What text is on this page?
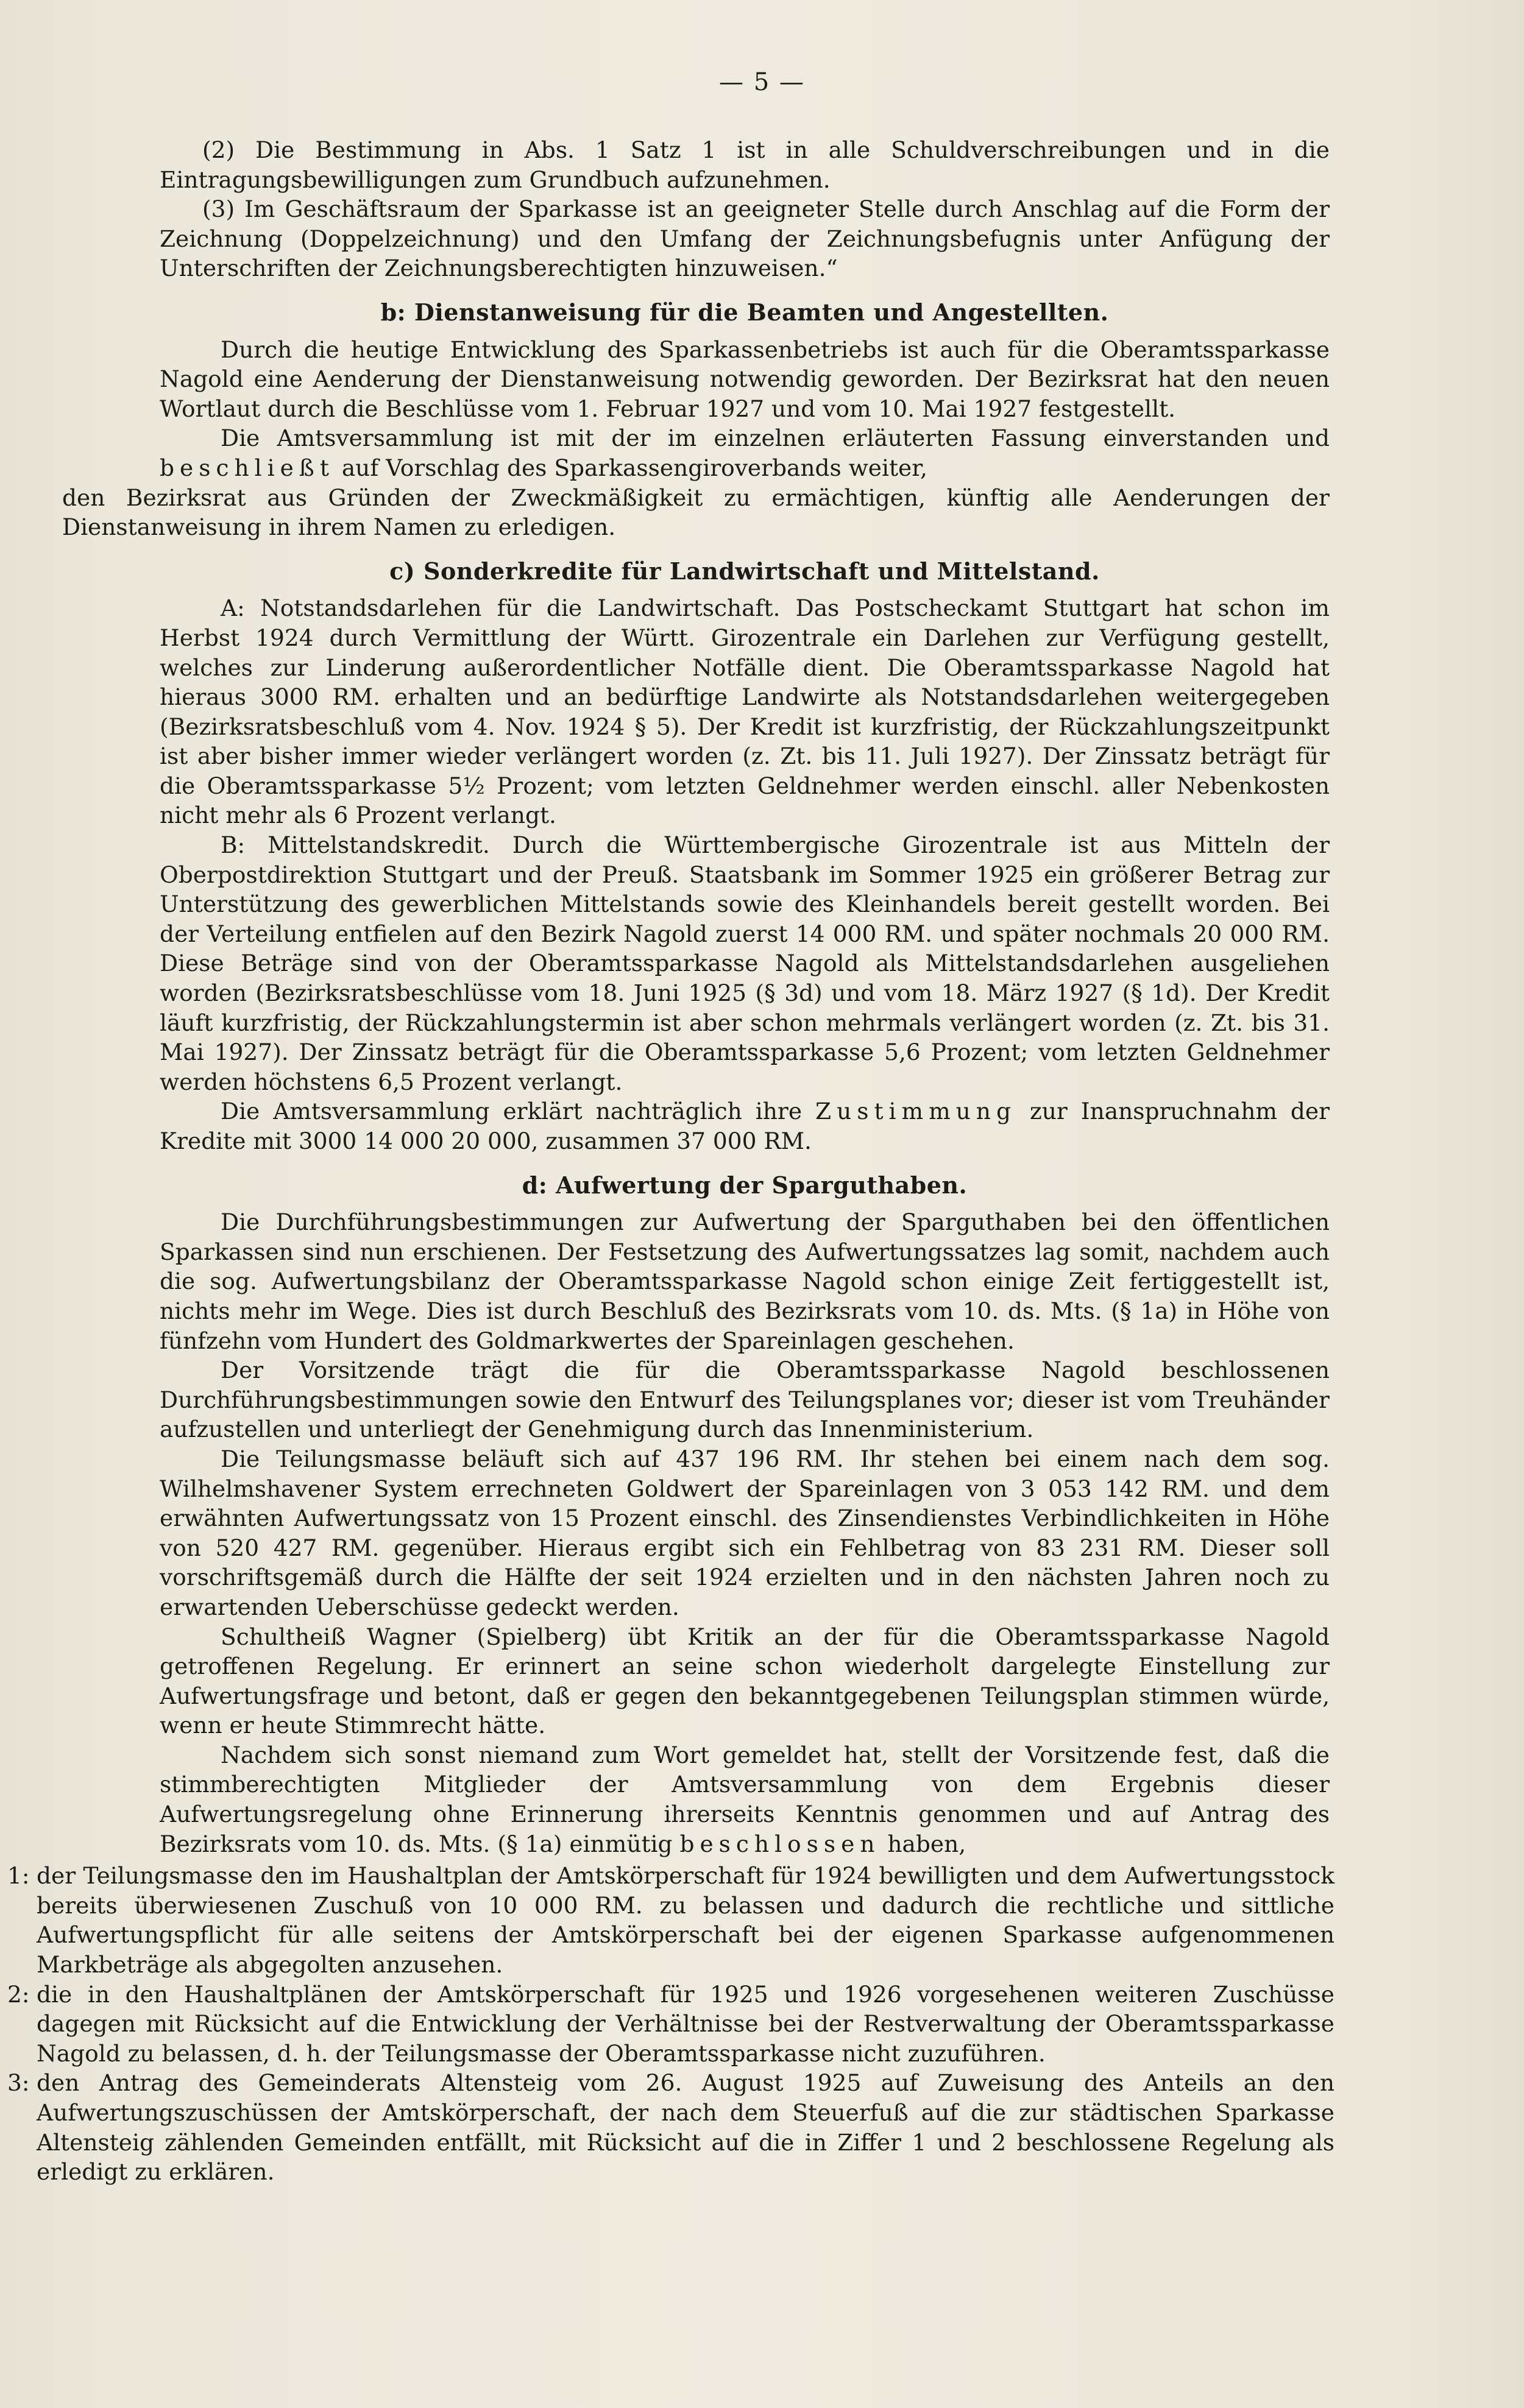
— 5 —

(2) Die Bestimmung in Abs. 1 Satz 1 ist in alle Schuldverschreibungen und in die Eintragungsbewilligungen zum Grundbuch aufzunehmen.

(3) Im Geschäftsraum der Sparkasse ist an geeigneter Stelle durch Anschlag auf die Form der Zeichnung (Doppelzeichnung) und den Umfang der Zeichnungsbefugnis unter Anfügung der Unterschriften der Zeichnungsberechtigten hinzuweisen.“

b: Dienstanweisung für die Beamten und Angestellten.

Durch die heutige Entwicklung des Sparkassenbetriebs ist auch für die Oberamtssparkasse Nagold eine Aenderung der Dienstanweisung notwendig geworden. Der Bezirksrat hat den neuen Wortlaut durch die Beschlüsse vom 1. Februar 1927 und vom 10. Mai 1927 festgestellt.

Die Amtsversammlung ist mit der im einzelnen erläuterten Fassung einverstanden und beschließt auf Vorschlag des Sparkassengiroverbands weiter,

den Bezirksrat aus Gründen der Zweckmäßigkeit zu ermächtigen, künftig alle Aenderungen der Dienstanweisung in ihrem Namen zu erledigen.

c) Sonderkredite für Landwirtschaft und Mittelstand.

A: Notstandsdarlehen für die Landwirtschaft. Das Postscheckamt Stuttgart hat schon im Herbst 1924 durch Vermittlung der Württ. Girozentrale ein Darlehen zur Verfügung gestellt, welches zur Linderung außerordentlicher Notfälle dient. Die Oberamtssparkasse Nagold hat hieraus 3000 RM. erhalten und an bedürftige Landwirte als Notstandsdarlehen weitergegeben (Bezirksratsbeschluß vom 4. Nov. 1924 § 5). Der Kredit ist kurzfristig, der Rückzahlungszeitpunkt ist aber bisher immer wieder verlängert worden (z. Zt. bis 11. Juli 1927). Der Zinssatz beträgt für die Oberamtssparkasse 5½ Prozent; vom letzten Geldnehmer werden einschl. aller Nebenkosten nicht mehr als 6 Prozent verlangt.

B: Mittelstandskredit. Durch die Württembergische Girozentrale ist aus Mitteln der Oberpostdirektion Stuttgart und der Preuß. Staatsbank im Sommer 1925 ein größerer Betrag zur Unterstützung des gewerblichen Mittelstands sowie des Kleinhandels bereit gestellt worden. Bei der Verteilung entfielen auf den Bezirk Nagold zuerst 14 000 RM. und später nochmals 20 000 RM. Diese Beträge sind von der Oberamtssparkasse Nagold als Mittelstandsdarlehen ausgeliehen worden (Bezirksratsbeschlüsse vom 18. Juni 1925 (§ 3d) und vom 18. März 1927 (§ 1d). Der Kredit läuft kurzfristig, der Rückzahlungstermin ist aber schon mehrmals verlängert worden (z. Zt. bis 31. Mai 1927). Der Zinssatz beträgt für die Oberamtssparkasse 5,6 Prozent; vom letzten Geldnehmer werden höchstens 6,5 Prozent verlangt.

Die Amtsversammlung erklärt nachträglich ihre Zustimmung zur Inanspruchnahm der Kredite mit 3000 14 000 20 000, zusammen 37 000 RM.

d: Aufwertung der Sparguthaben.

Die Durchführungsbestimmungen zur Aufwertung der Sparguthaben bei den öffentlichen Sparkassen sind nun erschienen. Der Festsetzung des Aufwertungssatzes lag somit, nachdem auch die sog. Aufwertungsbilanz der Oberamtssparkasse Nagold schon einige Zeit fertiggestellt ist, nichts mehr im Wege. Dies ist durch Beschluß des Bezirksrats vom 10. ds. Mts. (§ 1a) in Höhe von fünfzehn vom Hundert des Goldmarkwertes der Spareinlagen geschehen.

Der Vorsitzende trägt die für die Oberamtssparkasse Nagold beschlossenen Durchführungsbestimmungen sowie den Entwurf des Teilungsplanes vor; dieser ist vom Treuhänder aufzustellen und unterliegt der Genehmigung durch das Innenministerium.

Die Teilungsmasse beläuft sich auf 437 196 RM. Ihr stehen bei einem nach dem sog. Wilhelmshavener System errechneten Goldwert der Spareinlagen von 3 053 142 RM. und dem erwähnten Aufwertungssatz von 15 Prozent einschl. des Zinsendienstes Verbindlichkeiten in Höhe von 520 427 RM. gegenüber. Hieraus ergibt sich ein Fehlbetrag von 83 231 RM. Dieser soll vorschriftsgemäß durch die Hälfte der seit 1924 erzielten und in den nächsten Jahren noch zu erwartenden Ueberschüsse gedeckt werden.

Schultheiß Wagner (Spielberg) übt Kritik an der für die Oberamtssparkasse Nagold getroffenen Regelung. Er erinnert an seine schon wiederholt dargelegte Einstellung zur Aufwertungsfrage und betont, daß er gegen den bekanntgegebenen Teilungsplan stimmen würde, wenn er heute Stimmrecht hätte.

Nachdem sich sonst niemand zum Wort gemeldet hat, stellt der Vorsitzende fest, daß die stimmberechtigten Mitglieder der Amtsversammlung von dem Ergebnis dieser Aufwertungsregelung ohne Erinnerung ihrerseits Kenntnis genommen und auf Antrag des Bezirksrats vom 10. ds. Mts. (§ 1a) einmütig beschlossen haben,

1: der Teilungsmasse den im Haushaltplan der Amtskörperschaft für 1924 bewilligten und dem Aufwertungsstock bereits überwiesenen Zuschuß von 10 000 RM. zu belassen und dadurch die rechtliche und sittliche Aufwertungspflicht für alle seitens der Amtskörperschaft bei der eigenen Sparkasse aufgenommenen Markbeträge als abgegolten anzusehen.

2: die in den Haushaltplänen der Amtskörperschaft für 1925 und 1926 vorgesehenen weiteren Zuschüsse dagegen mit Rücksicht auf die Entwicklung der Verhältnisse bei der Restverwaltung der Oberamtssparkasse Nagold zu belassen, d. h. der Teilungsmasse der Oberamtssparkasse nicht zuzuführen.

3: den Antrag des Gemeinderats Altensteig vom 26. August 1925 auf Zuweisung des Anteils an den Aufwertungszuschüssen der Amtskörperschaft, der nach dem Steuerfuß auf die zur städtischen Sparkasse Altensteig zählenden Gemeinden entfällt, mit Rücksicht auf die in Ziffer 1 und 2 beschlossene Regelung als erledigt zu erklären.
